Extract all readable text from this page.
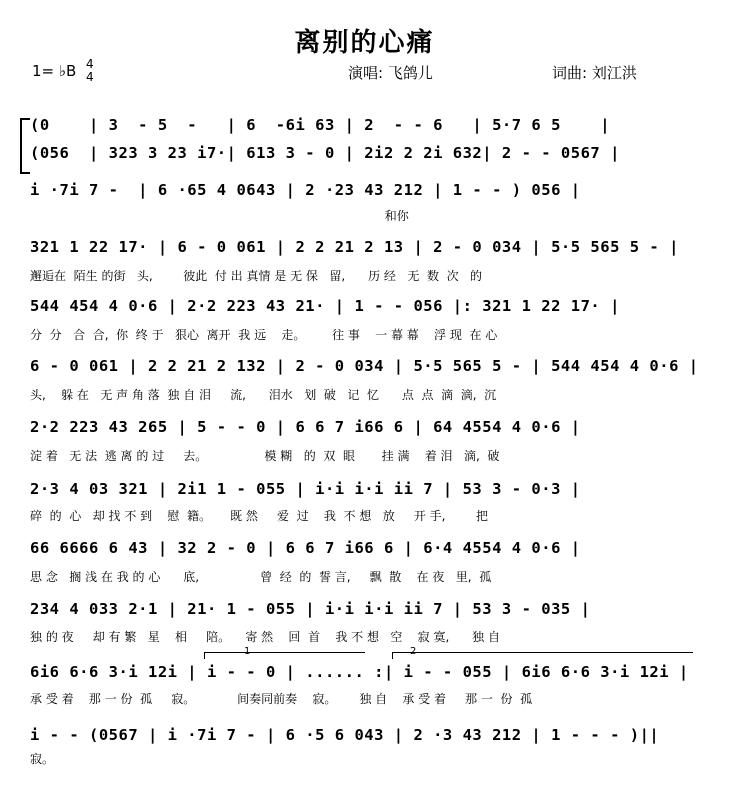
离别的心痛
1= ♭B 4
4	演唱: 飞鸽儿	词曲: 刘江洪
(0    | 3  - 5  -   | 6  -6i 63 | 2  - - 6   | 5·7 6 5    |
(056  | 323 3 23 i7·| 613 3 - 0 | 2i2 2 2i 632| 2 - - 0567 |
i ·7i 7 -  | 6 ·65 4 0643 | 2 ·23 43 212 | 1 - - ) 056 |
和你
321 1 22 17· | 6 - 0 061 | 2 2 21 2 13 | 2 - 0 034 | 5·5 565 5 - |
邂逅在  陌生 的街   头,        彼此  付 出 真情 是 无 保   留,      历 经   无  数  次   的
544 454 4 0·6 | 2·2 223 43 21· | 1 - - 056 |: 321 1 22 17· |
分  分   合  合,  你  终 于   狠心  离开  我 远    走。       往 事    一 幕 幕    浮 现  在 心
6 - 0 061 | 2 2 21 2 132 | 2 - 0 034 | 5·5 565 5 - | 544 454 4 0·6 |
头,    躲 在   无 声 角 落  独 自 泪     流,      泪水   划  破   记  忆      点  点  滴  滴,  沉
2·2 223 43 265 | 5 - - 0 | 6 6 7 i66 6 | 64 4554 4 0·6 |
淀 着   无 法  逃 离 的 过     去。               模 糊   的  双  眼       挂 满    着 泪   滴,  破
2·3 4 03 321 | 2i1 1 - 055 | i·i i·i ii 7 | 53 3 - 0·3 |
碎  的  心   却 找 不 到    慰  籍。     既 然     爱  过    我  不 想   放     开 手,        把
66 6666 6 43 | 32 2 - 0 | 6 6 7 i66 6 | 6·4 4554 4 0·6 |
思 念   搁 浅 在 我 的 心      底,                曾  经  的  誓 言,     飘  散    在 夜   里,  孤
234 4 033 2·1 | 21· 1 - 055 | i·i i·i ii 7 | 53 3 - 035 |
独 的 夜     却 有 繁   星    相     陪。    寄 然    回  首    我 不 想   空    寂 寞,      独 自
1	2
6i6 6·6 3·i 12i | i - - 0 | ...... :| i - - 055 | 6i6 6·6 3·i 12i |
承 受 着    那 一 份  孤     寂。           间奏同前奏    寂。      独 自    承 受 着     那 一  份  孤
i - - (0567 | i ·7i 7 - | 6 ·5 6 043 | 2 ·3 43 212 | 1 - - - )||
寂。
